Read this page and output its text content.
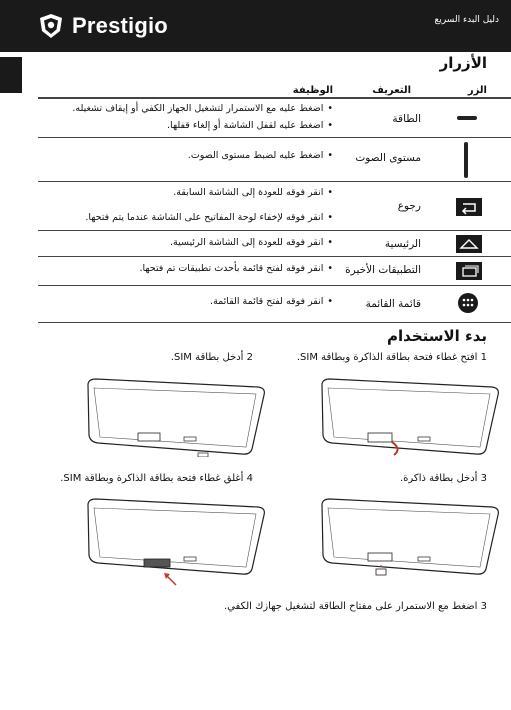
Prestigio	دليل البدء السريع
الأزرار
الزر
التعريف
الوظيفة
الطاقة
•اضغط عليه مع الاستمرار لتشغيل الجهاز الكفي أو إيقاف تشغيله.
•اضغط عليه لقفل الشاشة أو إلغاء قفلها.
مستوى الصوت
•اضغط عليه لضبط مستوى الصوت.
رجوع
•انقر فوقه للعودة إلى الشاشة السابقة.
•انقر فوقه لإخفاء لوحة المفاتيح على الشاشة عندما يتم فتحها.
الرئيسية
•انقر فوقه للعودة إلى الشاشة الرئيسية.
التطبيقات الأخيرة
•انقر فوقه لفتح قائمة بأحدث تطبيقات تم فتحها.
قائمة القائمة
•انقر فوقه لفتح قائمة القائمة.
بدء الاستخدام
1 افتح غطاء فتحة بطاقة الذاكرة وبطاقة SIM.
2 أدخل بطاقة SIM.
3 أدخل بطاقة ذاكرة.
4 أغلق غطاء فتحة بطاقة الذاكرة وبطاقة SIM.
3 اضغط مع الاستمرار على مفتاح الطاقة لتشغيل جهازك الكفي.
